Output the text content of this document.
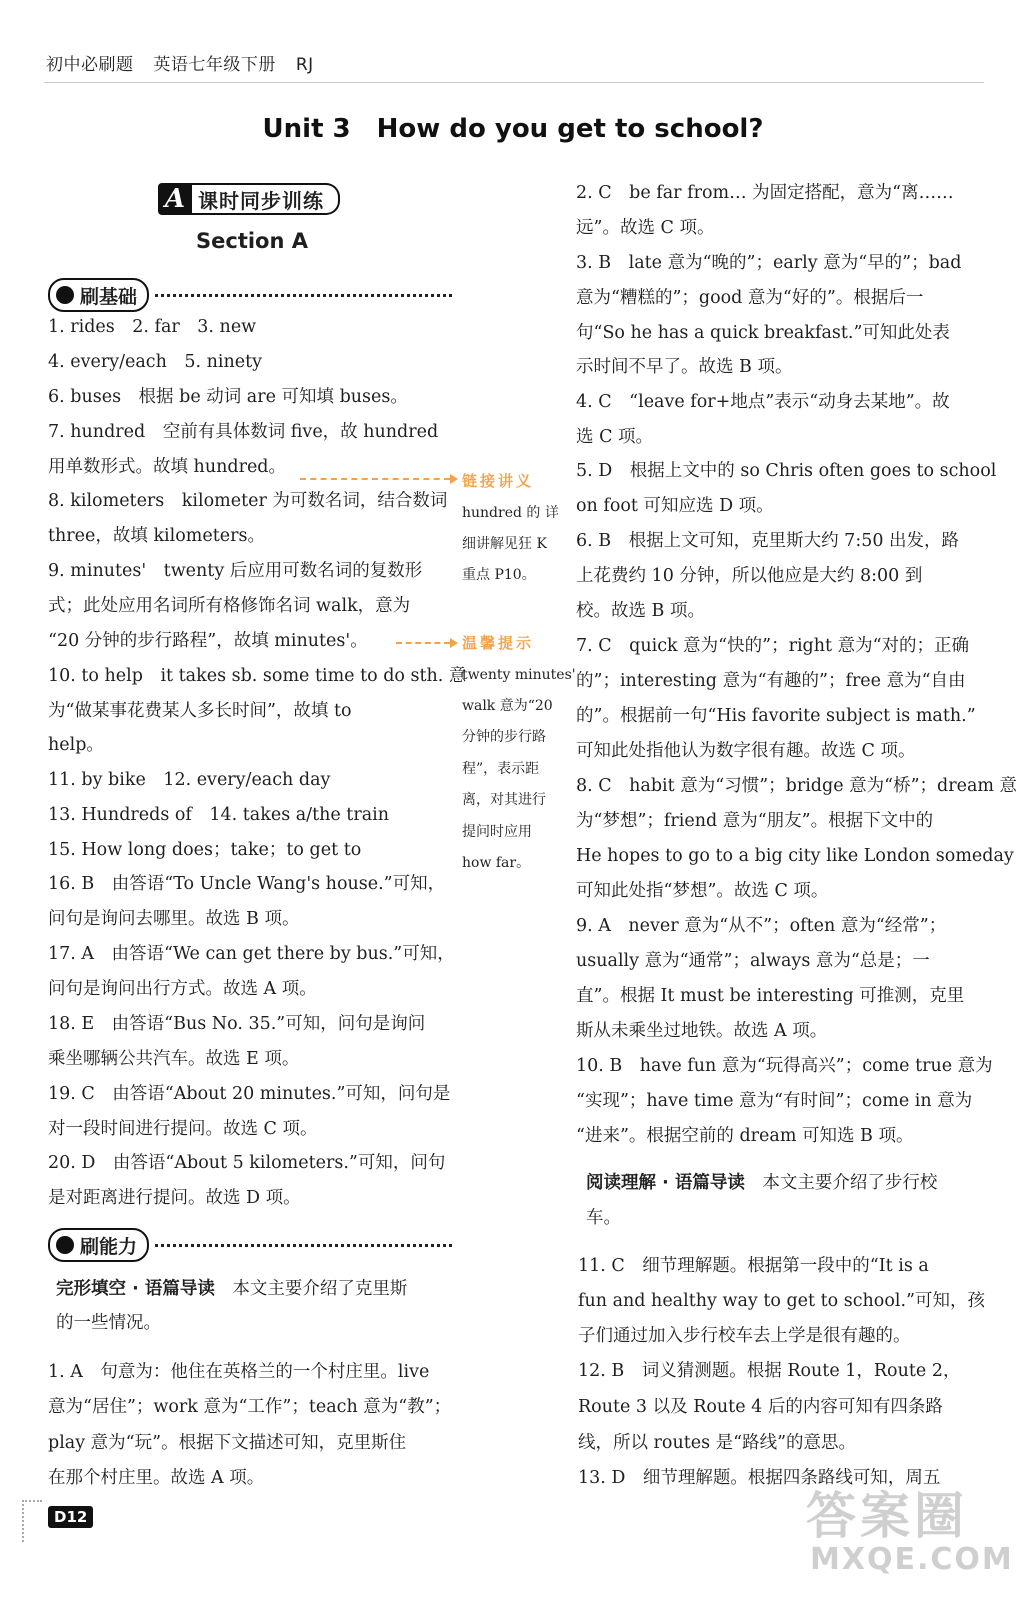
初中必刷题 英语七年级下册 RJ
Unit 3　How do you get to school?
A 课时同步训练
Section A
刷基础
1. rides　2. far　3. new
4. every/each　5. ninety
6. buses　根据 be 动词 are 可知填 buses。
7. hundred　空前有具体数词 five，故 hundred
用单数形式。故填 hundred。
8. kilometers　kilometer 为可数名词，结合数词
three，故填 kilometers。
9. minutes'　twenty 后应用可数名词的复数形
式；此处应用名词所有格修饰名词 walk，意为
“20 分钟的步行路程”，故填 minutes'。
10. to help　it takes sb. some time to do sth. 意
为“做某事花费某人多长时间”，故填 to
help。
11. by bike　12. every/each day
13. Hundreds of　14. takes a/the train
15. How long does；take；to get to
16. B　由答语“To Uncle Wang's house.”可知，
问句是询问去哪里。故选 B 项。
17. A　由答语“We can get there by bus.”可知，
问句是询问出行方式。故选 A 项。
18. E　由答语“Bus No. 35.”可知，问句是询问
乘坐哪辆公共汽车。故选 E 项。
19. C　由答语“About 20 minutes.”可知，问句是
对一段时间进行提问。故选 C 项。
20. D　由答语“About 5 kilometers.”可知，问句
是对距离进行提问。故选 D 项。
链接讲义
hundred 的 详
细讲解见狂 K
重点 P10。
温馨提示
twenty minutes'
walk 意为“20
分钟的步行路
程”，表示距
离，对其进行
提问时应用
how far。
刷能力
完形填空 · 语篇导读 本文主要介绍了克里斯
的一些情况。
1. A　句意为：他住在英格兰的一个村庄里。live
意为“居住”；work 意为“工作”；teach 意为“教”；
play 意为“玩”。根据下文描述可知，克里斯住
在那个村庄里。故选 A 项。
2. C　be far from… 为固定搭配，意为“离……
远”。故选 C 项。
3. B　late 意为“晚的”；early 意为“早的”；bad
意为“糟糕的”；good 意为“好的”。根据后一
句“So he has a quick breakfast.”可知此处表
示时间不早了。故选 B 项。
4. C　“leave for+地点”表示“动身去某地”。故
选 C 项。
5. D　根据上文中的 so Chris often goes to school
on foot 可知应选 D 项。
6. B　根据上文可知，克里斯大约 7:50 出发，路
上花费约 10 分钟，所以他应是大约 8:00 到
校。故选 B 项。
7. C　quick 意为“快的”；right 意为“对的；正确
的”；interesting 意为“有趣的”；free 意为“自由
的”。根据前一句“His favorite subject is math.”
可知此处指他认为数字很有趣。故选 C 项。
8. C　habit 意为“习惯”；bridge 意为“桥”；dream 意
为“梦想”；friend 意为“朋友”。根据下文中的
He hopes to go to a big city like London someday
可知此处指“梦想”。故选 C 项。
9. A　never 意为“从不”；often 意为“经常”；
usually 意为“通常”；always 意为“总是；一
直”。根据 It must be interesting 可推测，克里
斯从未乘坐过地铁。故选 A 项。
10. B　have fun 意为“玩得高兴”；come true 意为
“实现”；have time 意为“有时间”；come in 意为
“进来”。根据空前的 dream 可知选 B 项。
阅读理解 · 语篇导读 本文主要介绍了步行校
车。
11. C　细节理解题。根据第一段中的“It is a
fun and healthy way to get to school.”可知，孩
子们通过加入步行校车去上学是很有趣的。
12. B　词义猜测题。根据 Route 1，Route 2，
Route 3 以及 Route 4 后的内容可知有四条路
线，所以 routes 是“路线”的意思。
13. D　细节理解题。根据四条路线可知，周五
D12	答案圈
MXQE.COM
